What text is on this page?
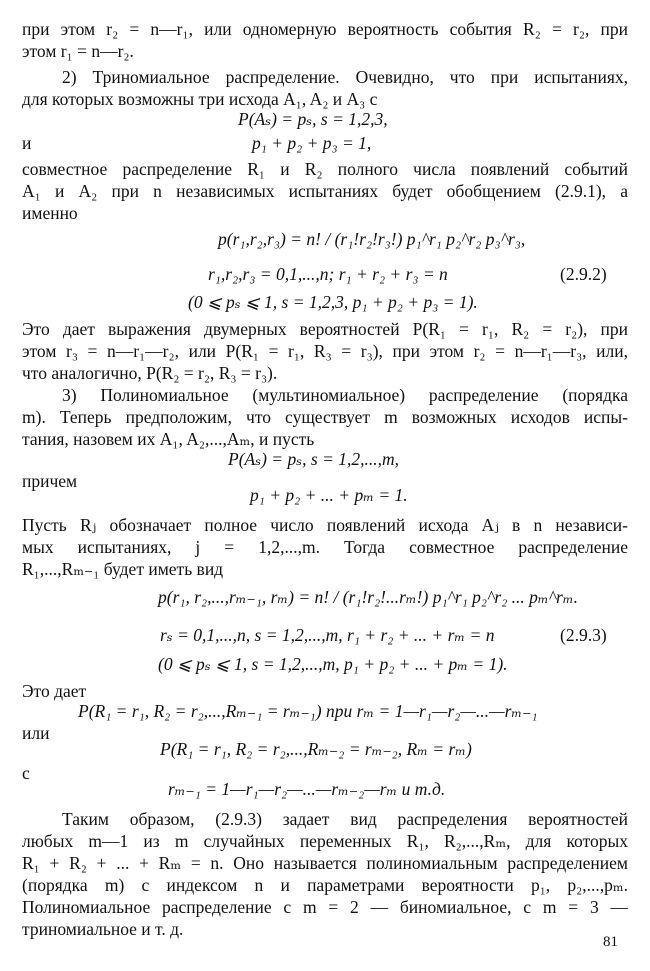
при этом r₂ = n—r₁, или одномерную вероятность события R₂ = r₂, при
этом r₁ = n—r₂.
2) Триномиальное распределение. Очевидно, что при испытаниях,
для которых возможны три исхода A₁, A₂ и A₃ с
P(Aₛ) = pₛ, s = 1,2,3,
и	p₁ + p₂ + p₃ = 1,
совместное распределение R₁ и R₂ полного числа появлений событий
A₁ и A₂ при n независимых испытаниях будет обобщением (2.9.1), а
именно
p(r₁,r₂,r₃) = n! / (r₁!r₂!r₃!) p₁^r₁ p₂^r₂ p₃^r₃,
r₁,r₂,r₃ = 0,1,...,n; r₁ + r₂ + r₃ = n	(2.9.2)
(0 ⩽ pₛ ⩽ 1, s = 1,2,3, p₁ + p₂ + p₃ = 1).
Это дает выражения двумерных вероятностей P(R₁ = r₁, R₂ = r₂), при
этом r₃ = n—r₁—r₂, или P(R₁ = r₁, R₃ = r₃), при этом r₂ = n—r₁—r₃, или,
что аналогично, P(R₂ = r₂, R₃ = r₃).
3) Полиномиальное (мультиномиальное) распределение (порядка
m). Теперь предположим, что существует m возможных исходов испы-
тания, назовем их A₁, A₂,...,Aₘ, и пусть
P(Aₛ) = pₛ, s = 1,2,...,m,
причем
p₁ + p₂ + ... + pₘ = 1.
Пусть Rⱼ обозначает полное число появлений исхода Aⱼ в n независи-
мых испытаниях, j = 1,2,...,m. Тогда совместное распределение
R₁,...,Rₘ₋₁ будет иметь вид
p(r₁, r₂,...,rₘ₋₁, rₘ) = n! / (r₁!r₂!...rₘ!) p₁^r₁ p₂^r₂ ... pₘ^rₘ.
rₛ = 0,1,...,n, s = 1,2,...,m, r₁ + r₂ + ... + rₘ = n	(2.9.3)
(0 ⩽ pₛ ⩽ 1, s = 1,2,...,m, p₁ + p₂ + ... + pₘ = 1).
Это дает
P(R₁ = r₁, R₂ = r₂,...,Rₘ₋₁ = rₘ₋₁) при rₘ = 1—r₁—r₂—...—rₘ₋₁
или
P(R₁ = r₁, R₂ = r₂,...,Rₘ₋₂ = rₘ₋₂, Rₘ = rₘ)
с
rₘ₋₁ = 1—r₁—r₂—...—rₘ₋₂—rₘ и т.д.
Таким образом, (2.9.3) задает вид распределения вероятностей
любых m—1 из m случайных переменных R₁, R₂,...,Rₘ, для которых
R₁ + R₂ + ... + Rₘ = n. Оно называется полиномиальным распределением
(порядка m) с индексом n и параметрами вероятности p₁, p₂,...,pₘ.
Полиномиальное распределение с m = 2 — биномиальное, с m = 3 —
триномиальное и т. д.
81
